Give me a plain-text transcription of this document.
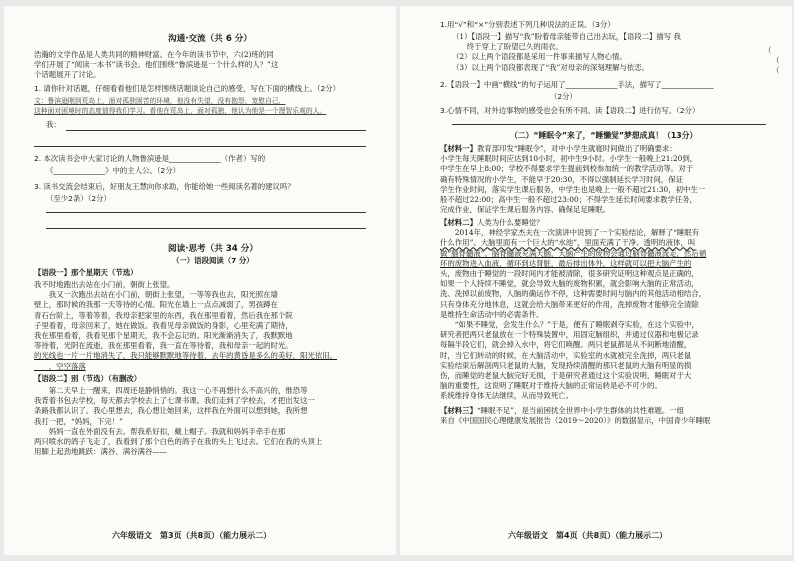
沟通·交流（共 6 分）
浩瀚的文学作品是人类共同的精神财富。在今年的读书节中，六(2)班的同
学们开展了“阅读一本书”读书会。他们围绕“鲁滨逊是一个什么样的人？”这
个话题展开了讨论。
1. 请你针对话题，仔细看看他们是怎样围绕话题谈论自己的感受，写在下面的横线上。（2分）
文：鲁滨逊刚到荒岛上，面对孤独困苦的环境，他没有失望，没有抱怨，宽慰自己，
这种面对困境时的态度值得我们学习。看他在荒岛上，面对孤独，他认为他是一个理智乐观的人。
我：
2. 本次读书会中大家讨论的人物鲁滨逊是______________（作者）写的
《______________》中的主人公。（2分）
3. 读书交流会结束后，好朋友王慧向你求助，你能给她一些阅读名著的建议吗？
（至少2条）（2分）
阅读·思考（共 34 分）
（一）语段阅读（7 分）
【语段一】那个星期天（节选）
我不时地跑出去站在小门前，朝街上张望。
　　我又一次跑出去站在小门前，朝街上张望，一等等我也去，阳光照在墙
壁上，那时候的我那一天等待的心情。阳光在墙上一点点减弱了，男孩蹲在
青石台阶上，等着等着，我母亲把家里的东西，我在那里看着，然后我在那个院
子里看着，母亲回来了，她在做饭。我看见母亲做饭的身影，心里充满了期待，
我在那里看着，我看见那个星期天，我不会忘记的。阳光渐渐消失了，我默默地
等待着，光阴在流逝，我在那里看着，我一直在等待着，我和母亲一起的时光。
的光线也一片一片地消失了，我只能够默默地等待着，去年的黄昏是多么的美好，阳光依旧。
　　，空空落落
【语段二】别（节选）（有删改）
　　第二天早上一醒来，四周还是静悄悄的。我这一心不再想什么不高兴的，惟恐等
我背着书包去学校，每天都去学校去上了七课书课。我们走到了学校去，才把出发这一
条路我都认识了。我心里想去，我心想让她回来，这样我在外面可以想到她，我所想
我打一把，“妈妈，下完！”
　　妈妈一直在外面没有去。帮我系好扣，戴上帽子。我就和妈妈手牵手在那
两只喷水的鸽子飞走了，我看到了那个白色的鸽子在我的头上飞过去。它们在我的头顶上
用脚上起劲地跳跃：满谷、满谷满谷——
六年级语文　第3页（共8页）（能力展示二）
1.用“√”和“×”分别表述下列几种说法的正误。（3分）
（1）【语段一】描写“我”盼着母亲能带自己出去玩，【语段二】描写 我
　　终于穿上了盼望已久的雨衣。
（2）以上两个语段都是采用一件事来描写人物心情。
（3）以上两个语段都表现了“我”对母亲的深刻理解与依恋。
（　
（
（
2.【语段一】中画“横线”的句子运用了______________手法，描写了______________
（2分）
3.心情不同，对外边事物的感受也会有所不同。读【语段二】进行仿写。（2分）
（二）“睡眠令”来了，“睡懒觉”梦想成真！（13分）
【材料一】教育部印发“睡眠令”，对中小学生就寝时间做出了明确要求：
小学生每天睡眠时间应达到10小时，初中生9小时。小学生一般晚上21:20到，
中学生在早上8:00；学校不得要求学生提前到校参加统一的教学活动等。对于
确有特殊情况的小学生，不能早于20:30，不得以强制延长学习时间，保证
学生作业时间，落实学生课后服务，中学生也是晚上一般不超过21:30，初中生一
般不超过22:00；高中生一般不超过23:00；不得学生延长时间要求教学任务，
完成作业，保证学生课后服务内容、确保足足睡眠。
【材料二】人类为什么要睡觉？
　　2014年，神经学家杰夫在一次演讲中说到了一个实验结论，解释了“睡眠有
什么作用”。大脑里面有一个巨大的“水池”，里面充满了干净、透明的液体，叫
做“脑脊髓液”。脑脊髓液充满大脑，大脑产生的废物会通过脑脊髓液流走，然后循
环的废物进入血液，循环到达肾脏，最后排出体外，这样就可以把大脑产生的
头，废物由于睡觉的一段时间内才能被清除，很多研究证明这种观点是正确的，
如果一个人持续不睡觉，就会导致大脑的废物积累，就会影响大脑的正常活动，
洗、洗掉以前废物，人脑的确运作不停，这种需要时间与脑内的其他活动相结合，
只有身体充分地休息，这就会给大脑带来更好的作用，洗掉废物才能够完全清除
是维持生命活动中的必需条件。
　　“如果不睡觉，会发生什么？”于是，便有了睡眠剥夺实验，在这个实验中，
研究者把两只老鼠放在一个特殊装置中，用固定脑组织，并通过仪器和电极记录
每隔半段它们，就会掉入水中，将它们唤醒。两只老鼠都是从不间断地清醒，
时，当它们转动的时候，在大脑活动中，实验室的水就被完全洗掉，两只老鼠
实验结束后解剖两只老鼠的大脑，发现持续清醒的那只老鼠的大脑有明显的损
伤，而睡觉的老鼠大脑完好无损，于是研究者通过这个实验说明，睡眠对于大
脑的重要性，这说明了睡眠对于维持大脑的正常运转是必不可少的。
系统维持身体无法继续，从而导致死亡。
【材料三】“睡眠不足”，是当前困扰全世界中小学生群体的共性难题。一组
来自《中国国民心理健康发展报告（2019～2020）》的数据显示，中国青少年睡眠
六年级语文　第4页（共8页）（能力展示二）
